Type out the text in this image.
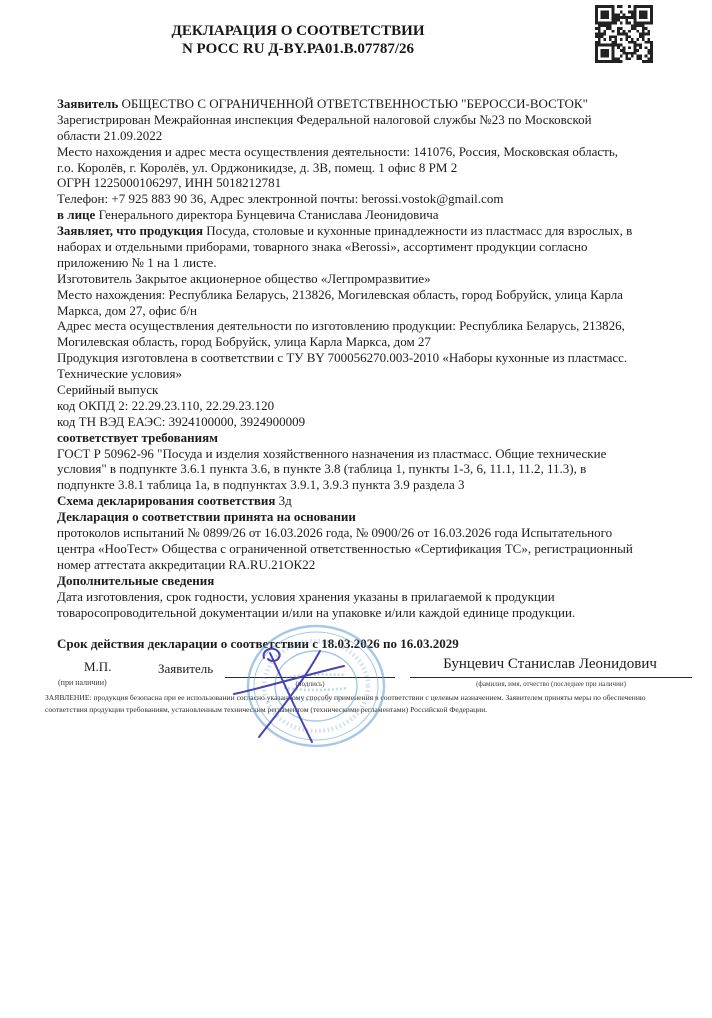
ДЕКЛАРАЦИЯ О СООТВЕТСТВИИ
N РОСС RU Д-BY.РА01.В.07787/26
Заявитель ОБЩЕСТВО С ОГРАНИЧЕННОЙ ОТВЕТСТВЕННОСТЬЮ "БЕРОССИ-ВОСТОК"
Зарегистрирован Межрайонная инспекция Федеральной налоговой службы №23 по Московской
области 21.09.2022
Место нахождения и адрес места осуществления деятельности: 141076, Россия, Московская область,
г.о. Королёв, г. Королёв, ул. Орджоникидзе, д. 3В, помещ. 1 офис 8 РМ 2
ОГРН 1225000106297, ИНН 5018212781
Телефон: +7 925 883 90 36, Адрес электронной почты: berossi.vostok@gmail.com
в лице Генерального директора Бунцевича Станислава Леонидовича
Заявляет, что продукция Посуда, столовые и кухонные принадлежности из пластмасс для взрослых, в
наборах и отдельными приборами, товарного знака «Berossi», ассортимент продукции согласно
приложению № 1 на 1 листе.
Изготовитель Закрытое акционерное общество «Легпромразвитие»
Место нахождения: Республика Беларусь, 213826, Могилевская область, город Бобруйск, улица Карла
Маркса, дом 27, офис б/н
Адрес места осуществления деятельности по изготовлению продукции: Республика Беларусь, 213826,
Могилевская область, город Бобруйск, улица Карла Маркса, дом 27
Продукция изготовлена в соответствии с ТУ BY 700056270.003-2010 «Наборы кухонные из пластмасс.
Технические условия»
Серийный выпуск
код ОКПД 2: 22.29.23.110, 22.29.23.120
код ТН ВЭД ЕАЭС: 3924100000, 3924900009
соответствует требованиям
ГОСТ Р 50962-96 "Посуда и изделия хозяйственного назначения из пластмасс. Общие технические
условия" в подпункте 3.6.1 пункта 3.6, в пункте 3.8 (таблица 1, пункты 1-3, 6, 11.1, 11.2, 11.3), в
подпункте 3.8.1 таблица 1а, в подпунктах 3.9.1, 3.9.3 пункта 3.9 раздела 3
Схема декларирования соответствия 3д
Декларация о соответствии принята на основании
протоколов испытаний № 0899/26 от 16.03.2026 года, № 0900/26 от 16.03.2026 года Испытательного
центра «НооТест» Общества с ограниченной ответственностью «Сертификация ТС», регистрационный
номер аттестата аккредитации RA.RU.21ОК22
Дополнительные сведения
Дата изготовления, срок годности, условия хранения указаны в прилагаемой к продукции
товаросопроводительной документации и/или на упаковке и/или каждой единице продукции.
Срок действия декларации о соответствии с 18.03.2026 по 16.03.2029
М.П.
(при наличии)
Заявитель
(подпись)
Бунцевич Станислав Леонидович
(фамилия, имя, отчество (последнее при наличии)
ЗАЯВЛЕНИЕ: продукция безопасна при ее использовании согласно указанному способу применения в соответствии с целевым назначением. Заявителем приняты меры по обеспечению
соответствия продукции требованиям, установленным техническим регламентом (техническими регламентами) Российской Федерации.
